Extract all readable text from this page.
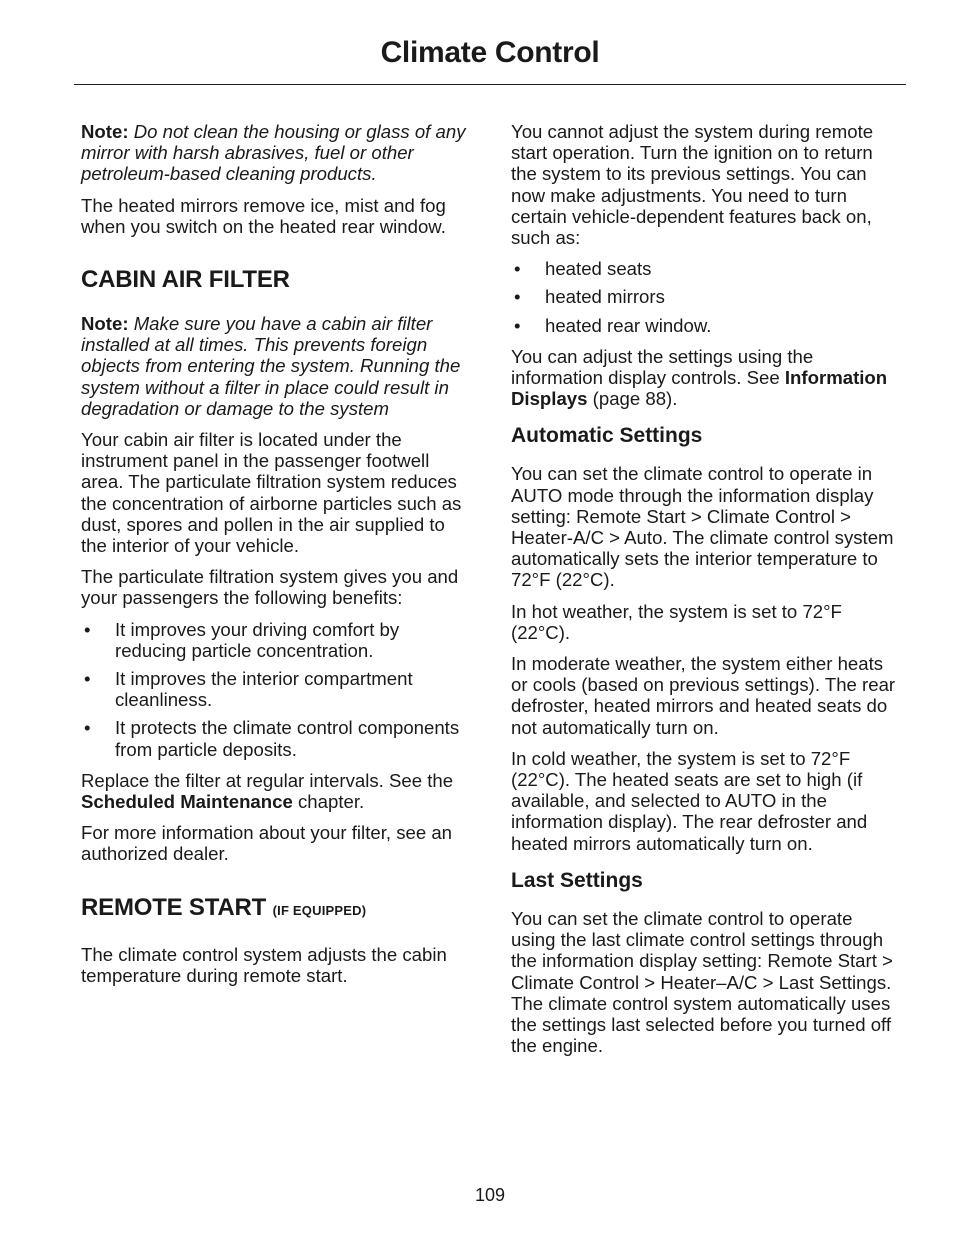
Climate Control

Note: Do not clean the housing or glass of any mirror with harsh abrasives, fuel or other petroleum-based cleaning products.

The heated mirrors remove ice, mist and fog when you switch on the heated rear window.

CABIN AIR FILTER

Note: Make sure you have a cabin air filter installed at all times. This prevents foreign objects from entering the system. Running the system without a filter in place could result in degradation or damage to the system

Your cabin air filter is located under the instrument panel in the passenger footwell area. The particulate filtration system reduces the concentration of airborne particles such as dust, spores and pollen in the air supplied to the interior of your vehicle.

The particulate filtration system gives you and your passengers the following benefits:

• It improves your driving comfort by reducing particle concentration.
• It improves the interior compartment cleanliness.
• It protects the climate control components from particle deposits.

Replace the filter at regular intervals. See the Scheduled Maintenance chapter.

For more information about your filter, see an authorized dealer.

REMOTE START (IF EQUIPPED)

The climate control system adjusts the cabin temperature during remote start.

You cannot adjust the system during remote start operation. Turn the ignition on to return the system to its previous settings. You can now make adjustments. You need to turn certain vehicle-dependent features back on, such as:

• heated seats
• heated mirrors
• heated rear window.

You can adjust the settings using the information display controls. See Information Displays (page 88).

Automatic Settings

You can set the climate control to operate in AUTO mode through the information display setting: Remote Start > Climate Control > Heater-A/C > Auto. The climate control system automatically sets the interior temperature to 72°F (22°C).

In hot weather, the system is set to 72°F (22°C).

In moderate weather, the system either heats or cools (based on previous settings). The rear defroster, heated mirrors and heated seats do not automatically turn on.

In cold weather, the system is set to 72°F (22°C). The heated seats are set to high (if available, and selected to AUTO in the information display). The rear defroster and heated mirrors automatically turn on.

Last Settings

You can set the climate control to operate using the last climate control settings through the information display setting: Remote Start > Climate Control > Heater–A/C > Last Settings. The climate control system automatically uses the settings last selected before you turned off the engine.

109
